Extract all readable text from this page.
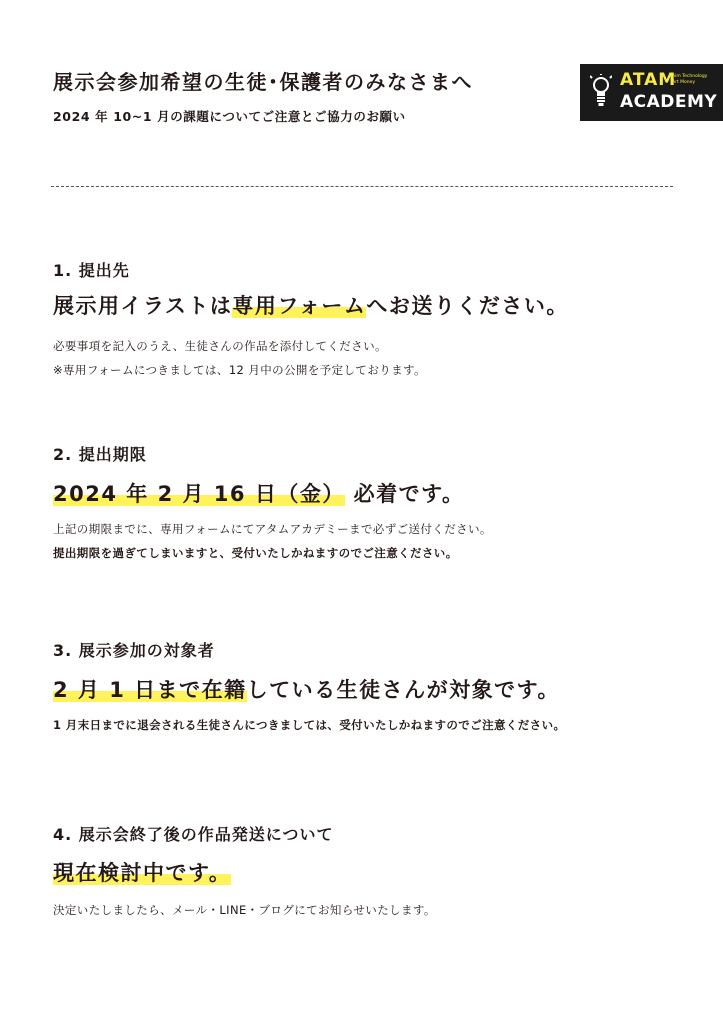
展示会参加希望の生徒･保護者のみなさまへ
2024 年 10~1 月の課題についてご注意とご協力のお願い
ATAM
Aim Technology
Art Money
ACADEMY
1. 提出先
展示用イラストは専用フォームへお送りください。
必要事項を記入のうえ、生徒さんの作品を添付してください。
※専用フォームにつきましては、12 月中の公開を予定しております。
2. 提出期限
2024 年 2 月 16 日（金） 必着です。
上記の期限までに、専用フォームにてアタムアカデミーまで必ずご送付ください。
提出期限を過ぎてしまいますと、受付いたしかねますのでご注意ください。
3. 展示参加の対象者
2 月 1 日まで在籍している生徒さんが対象です。
1 月末日までに退会される生徒さんにつきましては、受付いたしかねますのでご注意ください。
4. 展示会終了後の作品発送について
現在検討中です。
決定いたしましたら、メール・LINE・ブログにてお知らせいたします。
